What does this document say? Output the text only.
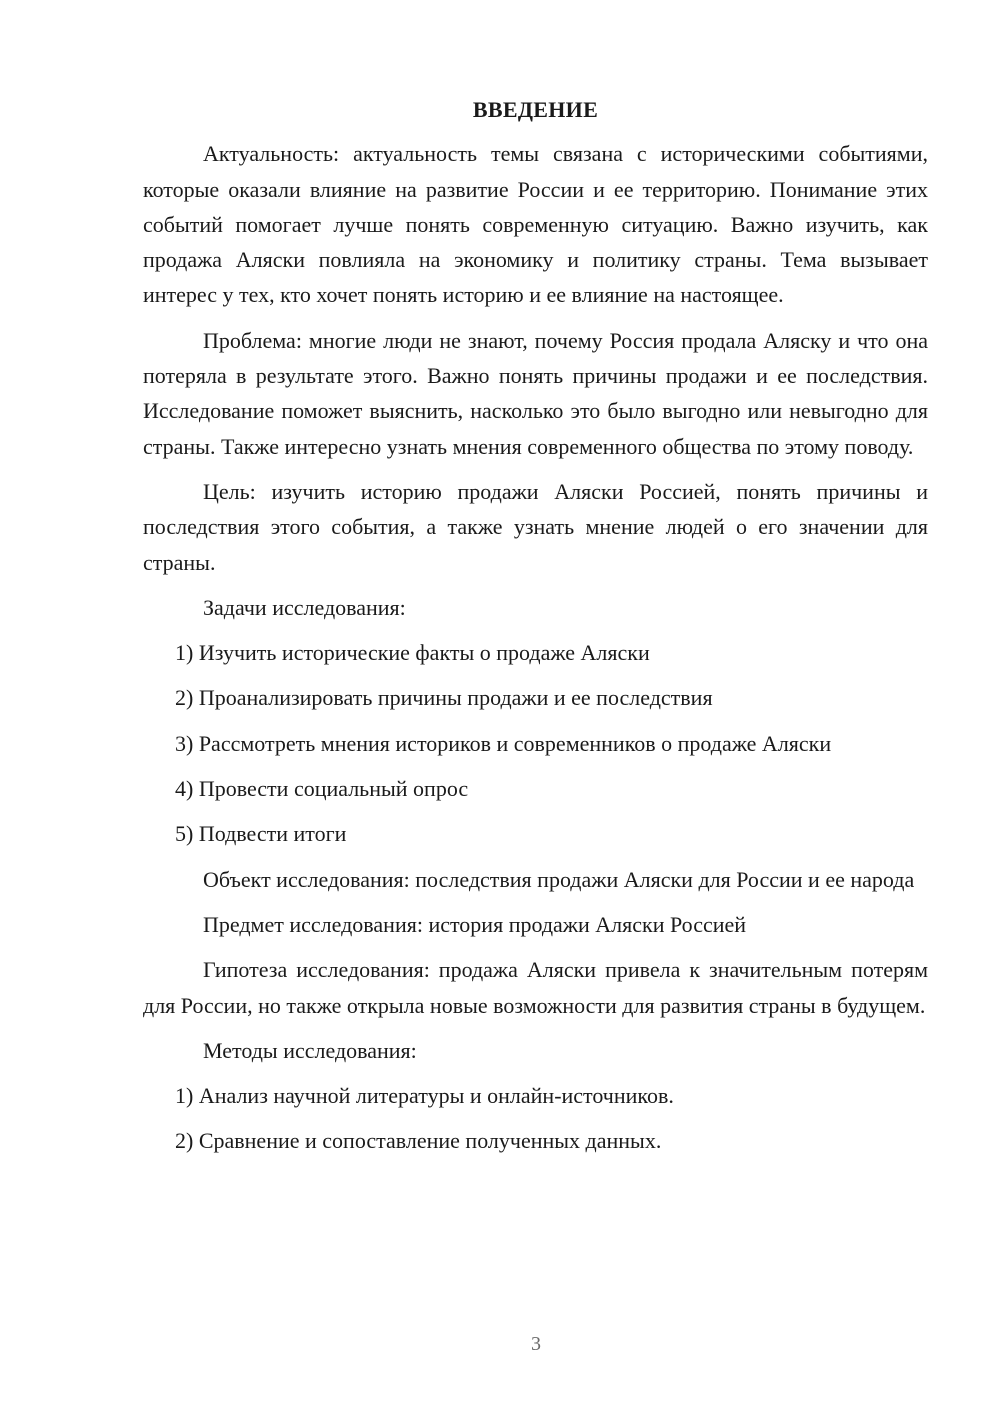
ВВЕДЕНИЕ

Актуальность: актуальность темы связана с историческими событиями, которые оказали влияние на развитие России и ее территорию. Понимание этих событий помогает лучше понять современную ситуацию. Важно изучить, как продажа Аляски повлияла на экономику и политику страны. Тема вызывает интерес у тех, кто хочет понять историю и ее влияние на настоящее.

Проблема: многие люди не знают, почему Россия продала Аляску и что она потеряла в результате этого. Важно понять причины продажи и ее последствия. Исследование поможет выяснить, насколько это было выгодно или невыгодно для страны. Также интересно узнать мнения современного общества по этому поводу.

Цель: изучить историю продажи Аляски Россией, понять причины и последствия этого события, а также узнать мнение людей о его значении для страны.

Задачи исследования:
1) Изучить исторические факты о продаже Аляски
2) Проанализировать причины продажи и ее последствия
3) Рассмотреть мнения историков и современников о продаже Аляски
4) Провести социальный опрос
5) Подвести итоги

Объект исследования: последствия продажи Аляски для России и ее народа

Предмет исследования: история продажи Аляски Россией

Гипотеза исследования: продажа Аляски привела к значительным потерям для России, но также открыла новые возможности для развития страны в будущем.

Методы исследования:
1) Анализ научной литературы и онлайн-источников.
2) Сравнение и сопоставление полученных данных.
3
